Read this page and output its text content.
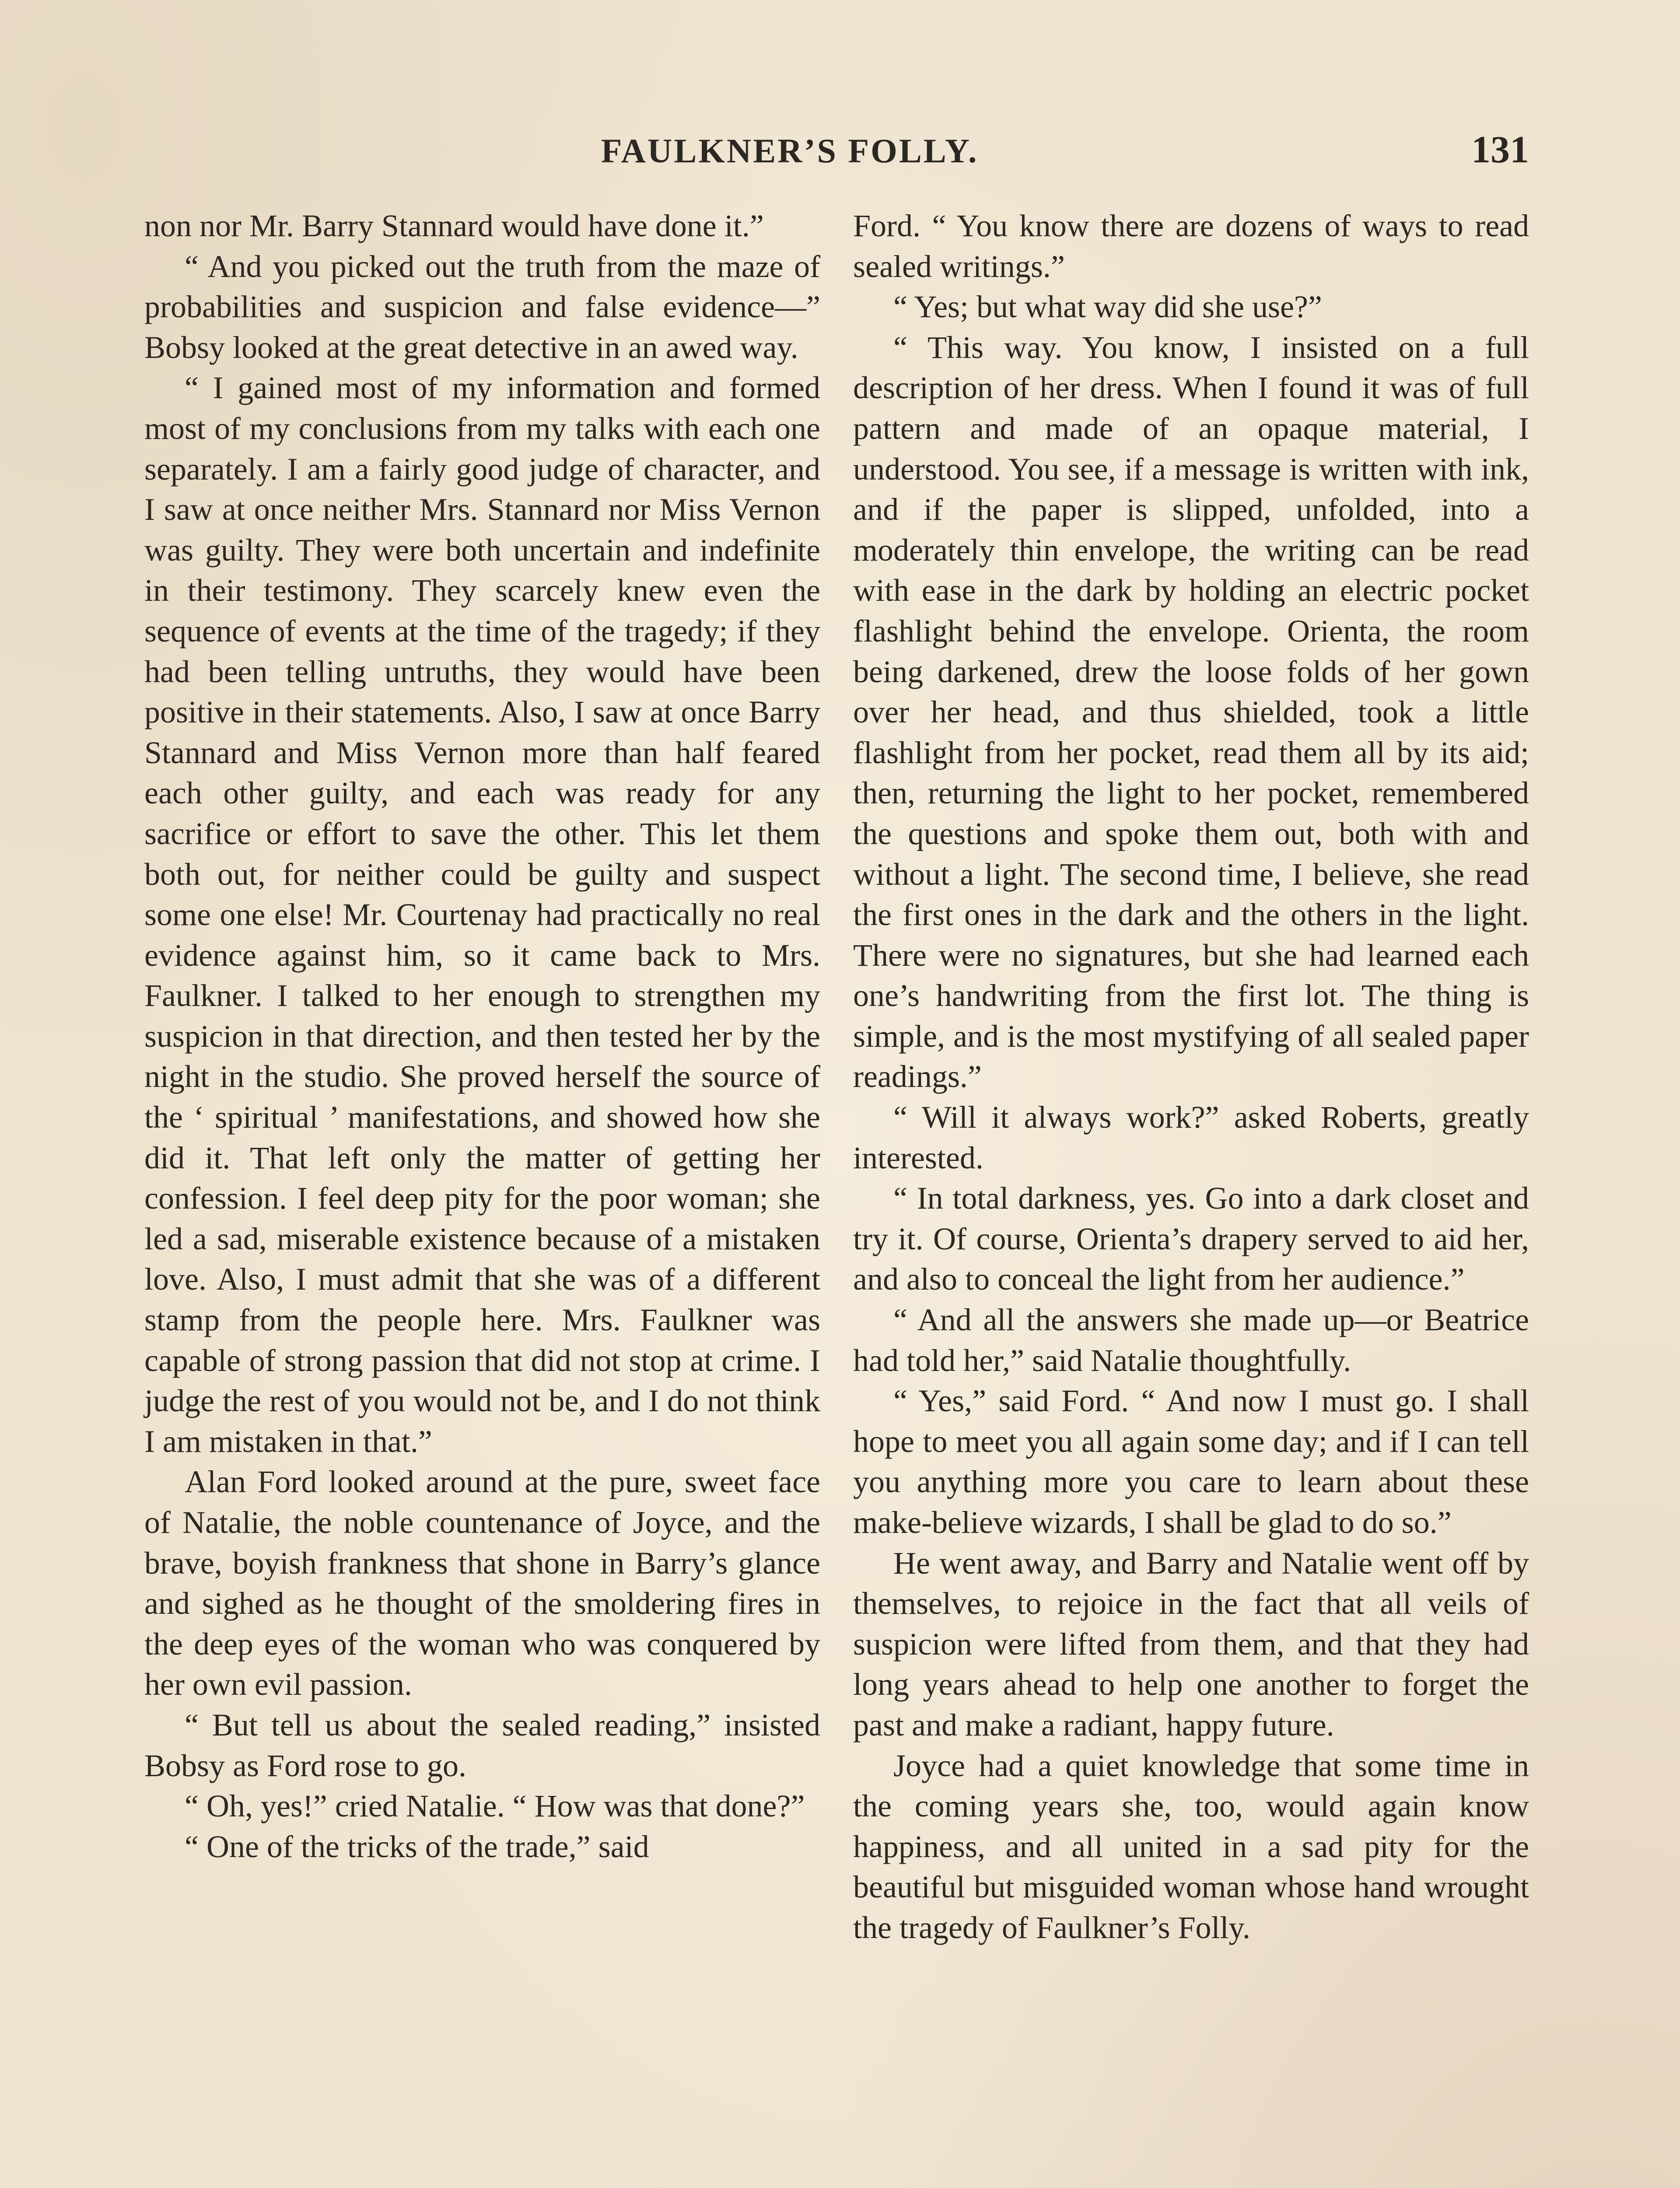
FAULKNER’S FOLLY.	131

non nor Mr. Barry Stannard would have done it.”

“ And you picked out the truth from the maze of probabilities and suspicion and false evidence—” Bobsy looked at the great detective in an awed way.

“ I gained most of my information and formed most of my conclusions from my talks with each one separately. I am a fairly good judge of character, and I saw at once neither Mrs. Stannard nor Miss Vernon was guilty. They were both uncertain and indefinite in their testimony. They scarcely knew even the sequence of events at the time of the tragedy; if they had been telling untruths, they would have been positive in their statements. Also, I saw at once Barry Stannard and Miss Vernon more than half feared each other guilty, and each was ready for any sacrifice or effort to save the other. This let them both out, for neither could be guilty and suspect some one else! Mr. Courtenay had practically no real evidence against him, so it came back to Mrs. Faulkner. I talked to her enough to strengthen my suspicion in that direction, and then tested her by the night in the studio. She proved herself the source of the ‘ spiritual ’ manifestations, and showed how she did it. That left only the matter of getting her confession. I feel deep pity for the poor woman; she led a sad, miserable existence because of a mistaken love. Also, I must admit that she was of a different stamp from the people here. Mrs. Faulkner was capable of strong passion that did not stop at crime. I judge the rest of you would not be, and I do not think I am mistaken in that.”

Alan Ford looked around at the pure, sweet face of Natalie, the noble countenance of Joyce, and the brave, boyish frankness that shone in Barry’s glance and sighed as he thought of the smoldering fires in the deep eyes of the woman who was conquered by her own evil passion.

“ But tell us about the sealed reading,” insisted Bobsy as Ford rose to go.

“ Oh, yes!” cried Natalie. “ How was that done?”

“ One of the tricks of the trade,” said

Ford. “ You know there are dozens of ways to read sealed writings.”

“ Yes; but what way did she use?”

“ This way. You know, I insisted on a full description of her dress. When I found it was of full pattern and made of an opaque material, I understood. You see, if a message is written with ink, and if the paper is slipped, unfolded, into a moderately thin envelope, the writing can be read with ease in the dark by holding an electric pocket flashlight behind the envelope. Orienta, the room being darkened, drew the loose folds of her gown over her head, and thus shielded, took a little flashlight from her pocket, read them all by its aid; then, returning the light to her pocket, remembered the questions and spoke them out, both with and without a light. The second time, I believe, she read the first ones in the dark and the others in the light. There were no signatures, but she had learned each one’s handwriting from the first lot. The thing is simple, and is the most mystifying of all sealed paper readings.”

“ Will it always work?” asked Roberts, greatly interested.

“ In total darkness, yes. Go into a dark closet and try it. Of course, Orienta’s drapery served to aid her, and also to conceal the light from her audience.”

“ And all the answers she made up—or Beatrice had told her,” said Natalie thoughtfully.

“ Yes,” said Ford. “ And now I must go. I shall hope to meet you all again some day; and if I can tell you anything more you care to learn about these make-believe wizards, I shall be glad to do so.”

He went away, and Barry and Natalie went off by themselves, to rejoice in the fact that all veils of suspicion were lifted from them, and that they had long years ahead to help one another to forget the past and make a radiant, happy future.

Joyce had a quiet knowledge that some time in the coming years she, too, would again know happiness, and all united in a sad pity for the beautiful but misguided woman whose hand wrought the tragedy of Faulkner’s Folly.
